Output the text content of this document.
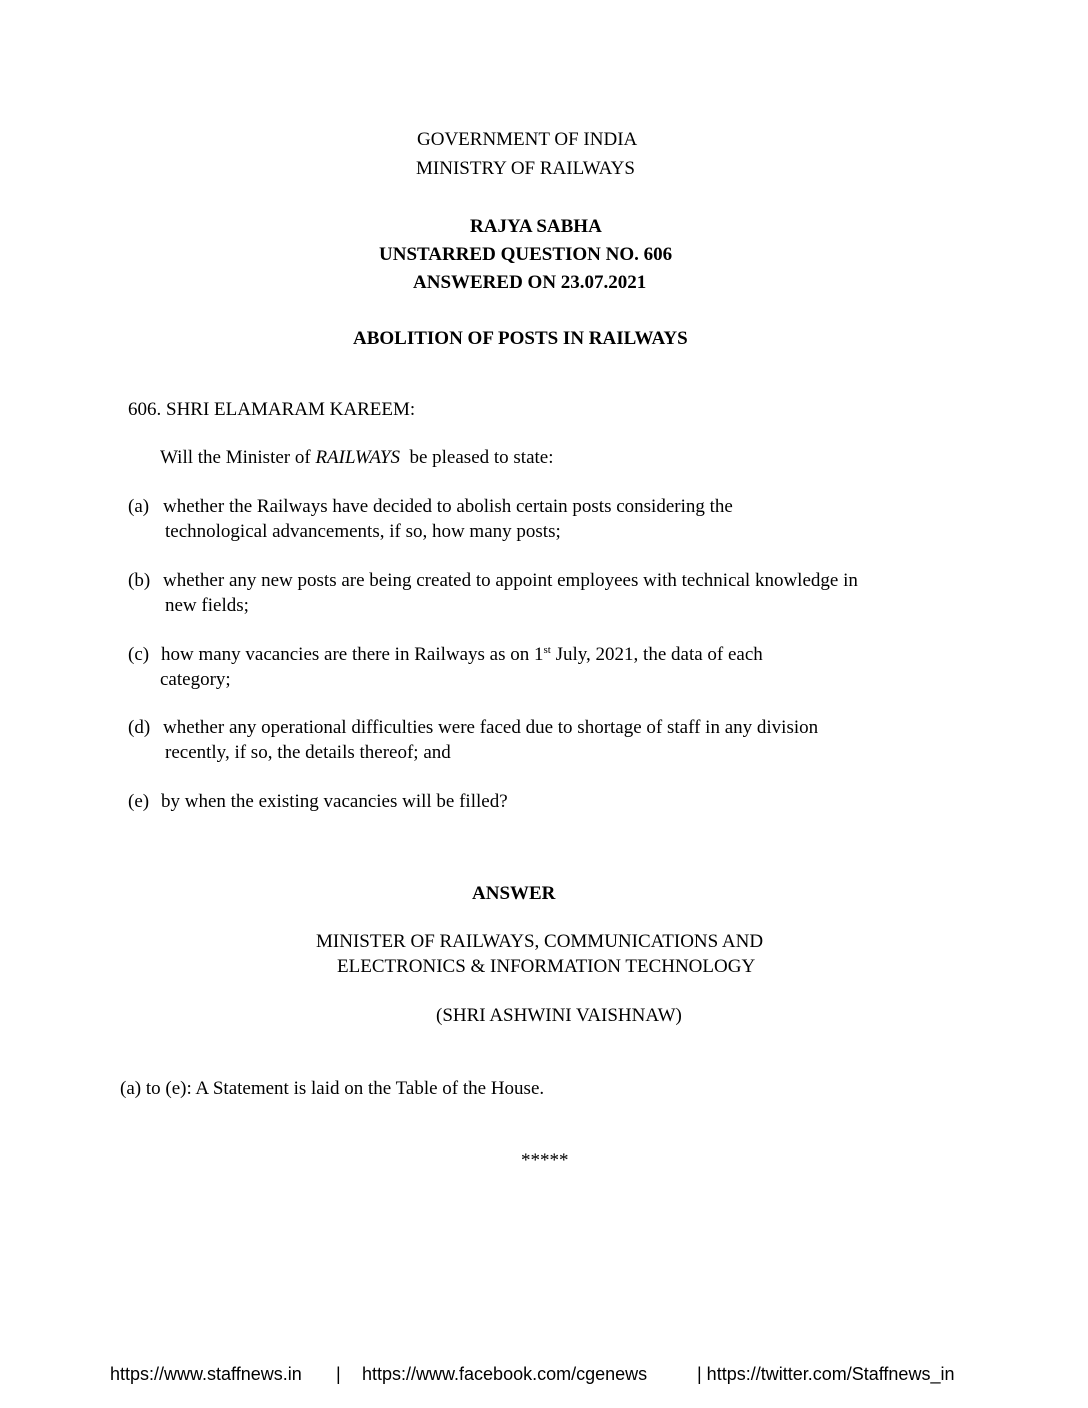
GOVERNMENT OF INDIA
MINISTRY OF RAILWAYS
RAJYA SABHA
UNSTARRED QUESTION NO. 606
ANSWERED ON 23.07.2021
ABOLITION OF POSTS IN RAILWAYS
606. SHRI ELAMARAM KAREEM:
Will the Minister of RAILWAYS  be pleased to state:
(a) whether the Railways have decided to abolish certain posts considering the
technological advancements, if so, how many posts;
(b) whether any new posts are being created to appoint employees with technical knowledge in
new fields;
(c) how many vacancies are there in Railways as on 1st July, 2021, the data of each
category;
(d) whether any operational difficulties were faced due to shortage of staff in any division
recently, if so, the details thereof; and
(e) by when the existing vacancies will be filled?
ANSWER
MINISTER OF RAILWAYS, COMMUNICATIONS AND
ELECTRONICS & INFORMATION TECHNOLOGY
(SHRI ASHWINI VAISHNAW)
(a) to (e): A Statement is laid on the Table of the House.
*****
https://www.staffnews.in | https://www.facebook.com/cgenews	| https://twitter.com/Staffnews_in
